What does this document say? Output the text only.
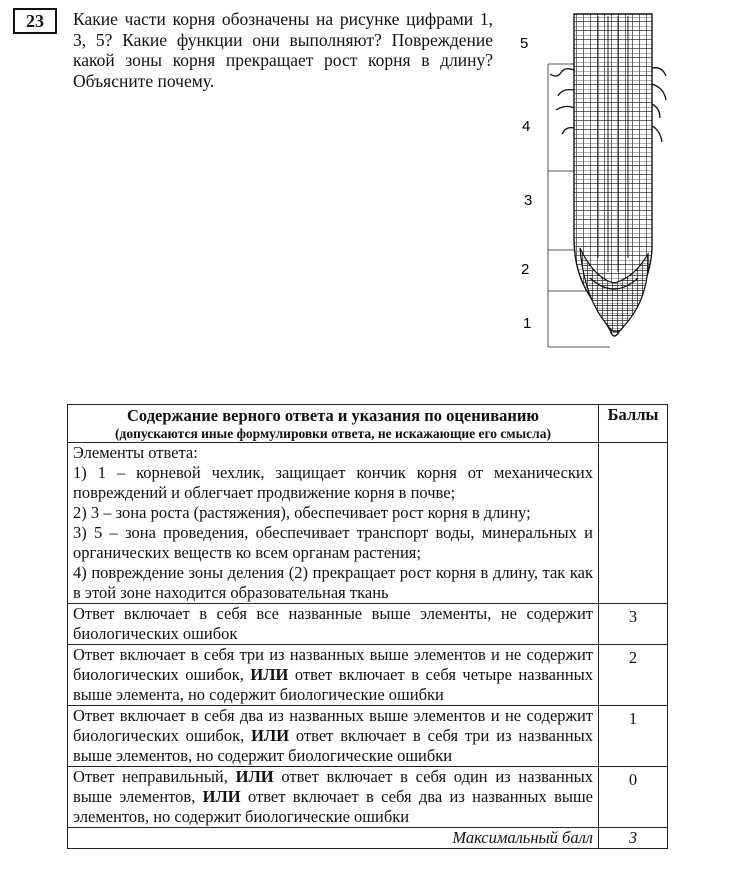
23	Какие части корня обозначены на рисунке цифрами 1, 3, 5? Какие функции они выполняют? Повреждение какой зоны корня прекращает рост корня в длину? Объясните почему.
5
4
3
2
1
Содержание верного ответа и указания по оцениванию
(допускаются иные формулировки ответа, не искажающие его смысла)	Баллы

Элементы ответа:
1) 1 – корневой чехлик, защищает кончик корня от механических повреждений и облегчает продвижение корня в почве;
2) 3 – зона роста (растяжения), обеспечивает рост корня в длину;
3) 5 – зона проведения, обеспечивает транспорт воды, минеральных и органических веществ ко всем органам растения;
4) повреждение зоны деления (2) прекращает рост корня в длину, так как в этой зоне находится образовательная ткань	

Ответ включает в себя все названные выше элементы, не содержит биологических ошибок	3
Ответ включает в себя три из названных выше элементов и не содержит биологических ошибок, ИЛИ ответ включает в себя четыре названных выше элемента, но содержит биологические ошибки	2
Ответ включает в себя два из названных выше элементов и не содержит биологических ошибок, ИЛИ ответ включает в себя три из названных выше элементов, но содержит биологические ошибки	1
Ответ неправильный, ИЛИ ответ включает в себя один из названных выше элементов, ИЛИ ответ включает в себя два из названных выше элементов, но содержит биологические ошибки	0
Максимальный балл	3
